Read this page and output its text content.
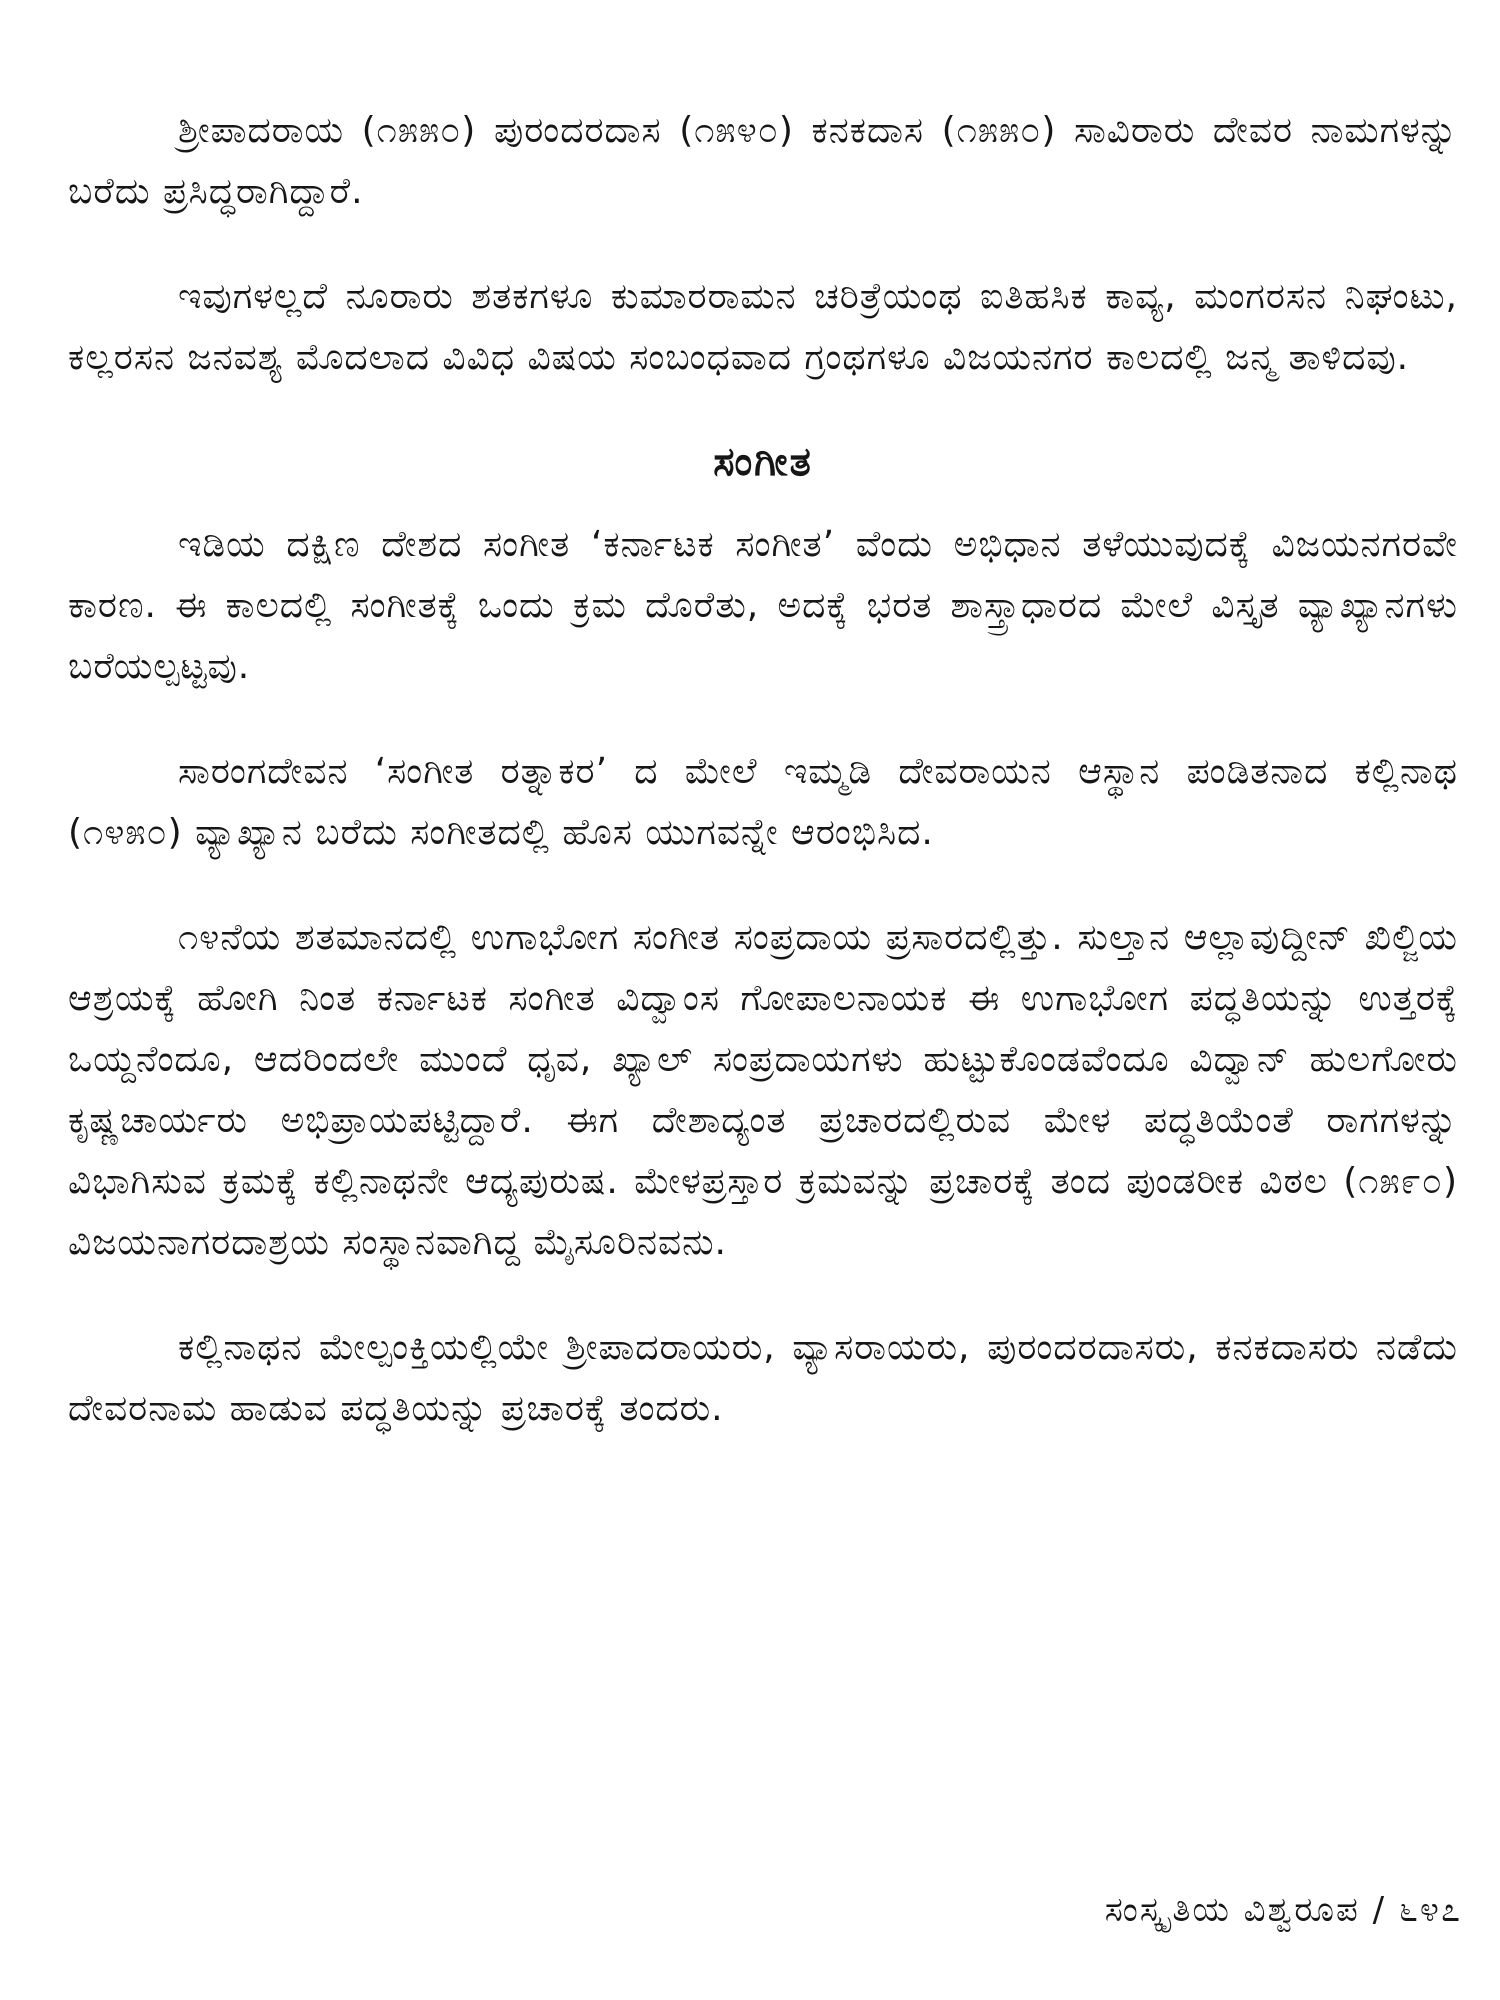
ಶ್ರೀಪಾದರಾಯ (೧೫೫೦) ಪುರಂದರದಾಸ (೧೫೪೦) ಕನಕದಾಸ (೧೫೫೦) ಸಾವಿರಾರು ದೇವರ ನಾಮಗಳನ್ನು ಬರೆದು ಪ್ರಸಿದ್ಧರಾಗಿದ್ದಾರೆ.

ಇವುಗಳಲ್ಲದೆ ನೂರಾರು ಶತಕಗಳೂ ಕುಮಾರರಾಮನ ಚರಿತ್ರೆಯಂಥ ಐತಿಹಸಿಕ ಕಾವ್ಯ, ಮಂಗರಸನ ನಿಘಂಟು, ಕಲ್ಲರಸನ ಜನವಶ್ಯ ಮೊದಲಾದ ವಿವಿಧ ವಿಷಯ ಸಂಬಂಧವಾದ ಗ್ರಂಥಗಳೂ ವಿಜಯನಗರ ಕಾಲದಲ್ಲಿ ಜನ್ಮ ತಾಳಿದವು.

ಸಂಗೀತ

ಇಡಿಯ ದಕ್ಷಿಣ ದೇಶದ ಸಂಗೀತ ‘ಕರ್ನಾಟಕ ಸಂಗೀತ’ ವೆಂದು ಅಭಿಧಾನ ತಳೆಯುವುದಕ್ಕೆ ವಿಜಯನಗರವೇ ಕಾರಣ. ಈ ಕಾಲದಲ್ಲಿ ಸಂಗೀತಕ್ಕೆ ಒಂದು ಕ್ರಮ ದೊರೆತು, ಅದಕ್ಕೆ ಭರತ ಶಾಸ್ತ್ರಾಧಾರದ ಮೇಲೆ ವಿಸ್ತೃತ ವ್ಯಾಖ್ಯಾನಗಳು ಬರೆಯಲ್ಪಟ್ಟವು.

ಸಾರಂಗದೇವನ ‘ಸಂಗೀತ ರತ್ನಾಕರ’ ದ ಮೇಲೆ ಇಮ್ಮಡಿ ದೇವರಾಯನ ಆಸ್ಥಾನ ಪಂಡಿತನಾದ ಕಲ್ಲಿನಾಥ (೧೪೫೦) ವ್ಯಾಖ್ಯಾನ ಬರೆದು ಸಂಗೀತದಲ್ಲಿ ಹೊಸ ಯುಗವನ್ನೇ ಆರಂಭಿಸಿದ.

೧೪ನೆಯ ಶತಮಾನದಲ್ಲಿ ಉಗಾಭೋಗ ಸಂಗೀತ ಸಂಪ್ರದಾಯ ಪ್ರಸಾರದಲ್ಲಿತ್ತು. ಸುಲ್ತಾನ ಆಲ್ಲಾವುದ್ದೀನ್ ಖಿಲ್ಜಿಯ ಆಶ್ರಯಕ್ಕೆ ಹೋಗಿ ನಿಂತ ಕರ್ನಾಟಕ ಸಂಗೀತ ವಿದ್ವಾಂಸ ಗೋಪಾಲನಾಯಕ ಈ ಉಗಾಭೋಗ ಪದ್ಧತಿಯನ್ನು ಉತ್ತರಕ್ಕೆ ಒಯ್ದನೆಂದೂ, ಆದರಿಂದಲೇ ಮುಂದೆ ಧೃವ, ಖ್ಯಾಲ್ ಸಂಪ್ರದಾಯಗಳು ಹುಟ್ಟುಕೊಂಡವೆಂದೂ ವಿದ್ವಾನ್ ಹುಲಗೋರು ಕೃಷ್ಣಚಾರ್ಯರು ಅಭಿಪ್ರಾಯಪಟ್ಟಿದ್ದಾರೆ. ಈಗ ದೇಶಾದ್ಯಂತ ಪ್ರಚಾರದಲ್ಲಿರುವ ಮೇಳ ಪದ್ಧತಿಯೆಂತೆ ರಾಗಗಳನ್ನು ವಿಭಾಗಿಸುವ ಕ್ರಮಕ್ಕೆ ಕಲ್ಲಿನಾಥನೇ ಆದ್ಯಪುರುಷ. ಮೇಳಪ್ರಸ್ತಾರ ಕ್ರಮವನ್ನು ಪ್ರಚಾರಕ್ಕೆ ತಂದ ಪುಂಡರೀಕ ವಿಠಲ (೧೫೯೦) ವಿಜಯನಾಗರದಾಶ್ರಯ ಸಂಸ್ಥಾನವಾಗಿದ್ದ ಮೈಸೂರಿನವನು.

ಕಲ್ಲಿನಾಥನ ಮೇಲ್ಪಂಕ್ತಿಯಲ್ಲಿಯೇ ಶ್ರೀಪಾದರಾಯರು, ವ್ಯಾಸರಾಯರು, ಪುರಂದರದಾಸರು, ಕನಕದಾಸರು ನಡೆದು ದೇವರನಾಮ ಹಾಡುವ ಪದ್ಧತಿಯನ್ನು ಪ್ರಚಾರಕ್ಕೆ ತಂದರು.

ಸಂಸ್ಕೃತಿಯ ವಿಶ್ವರೂಪ / ೬೪೭
